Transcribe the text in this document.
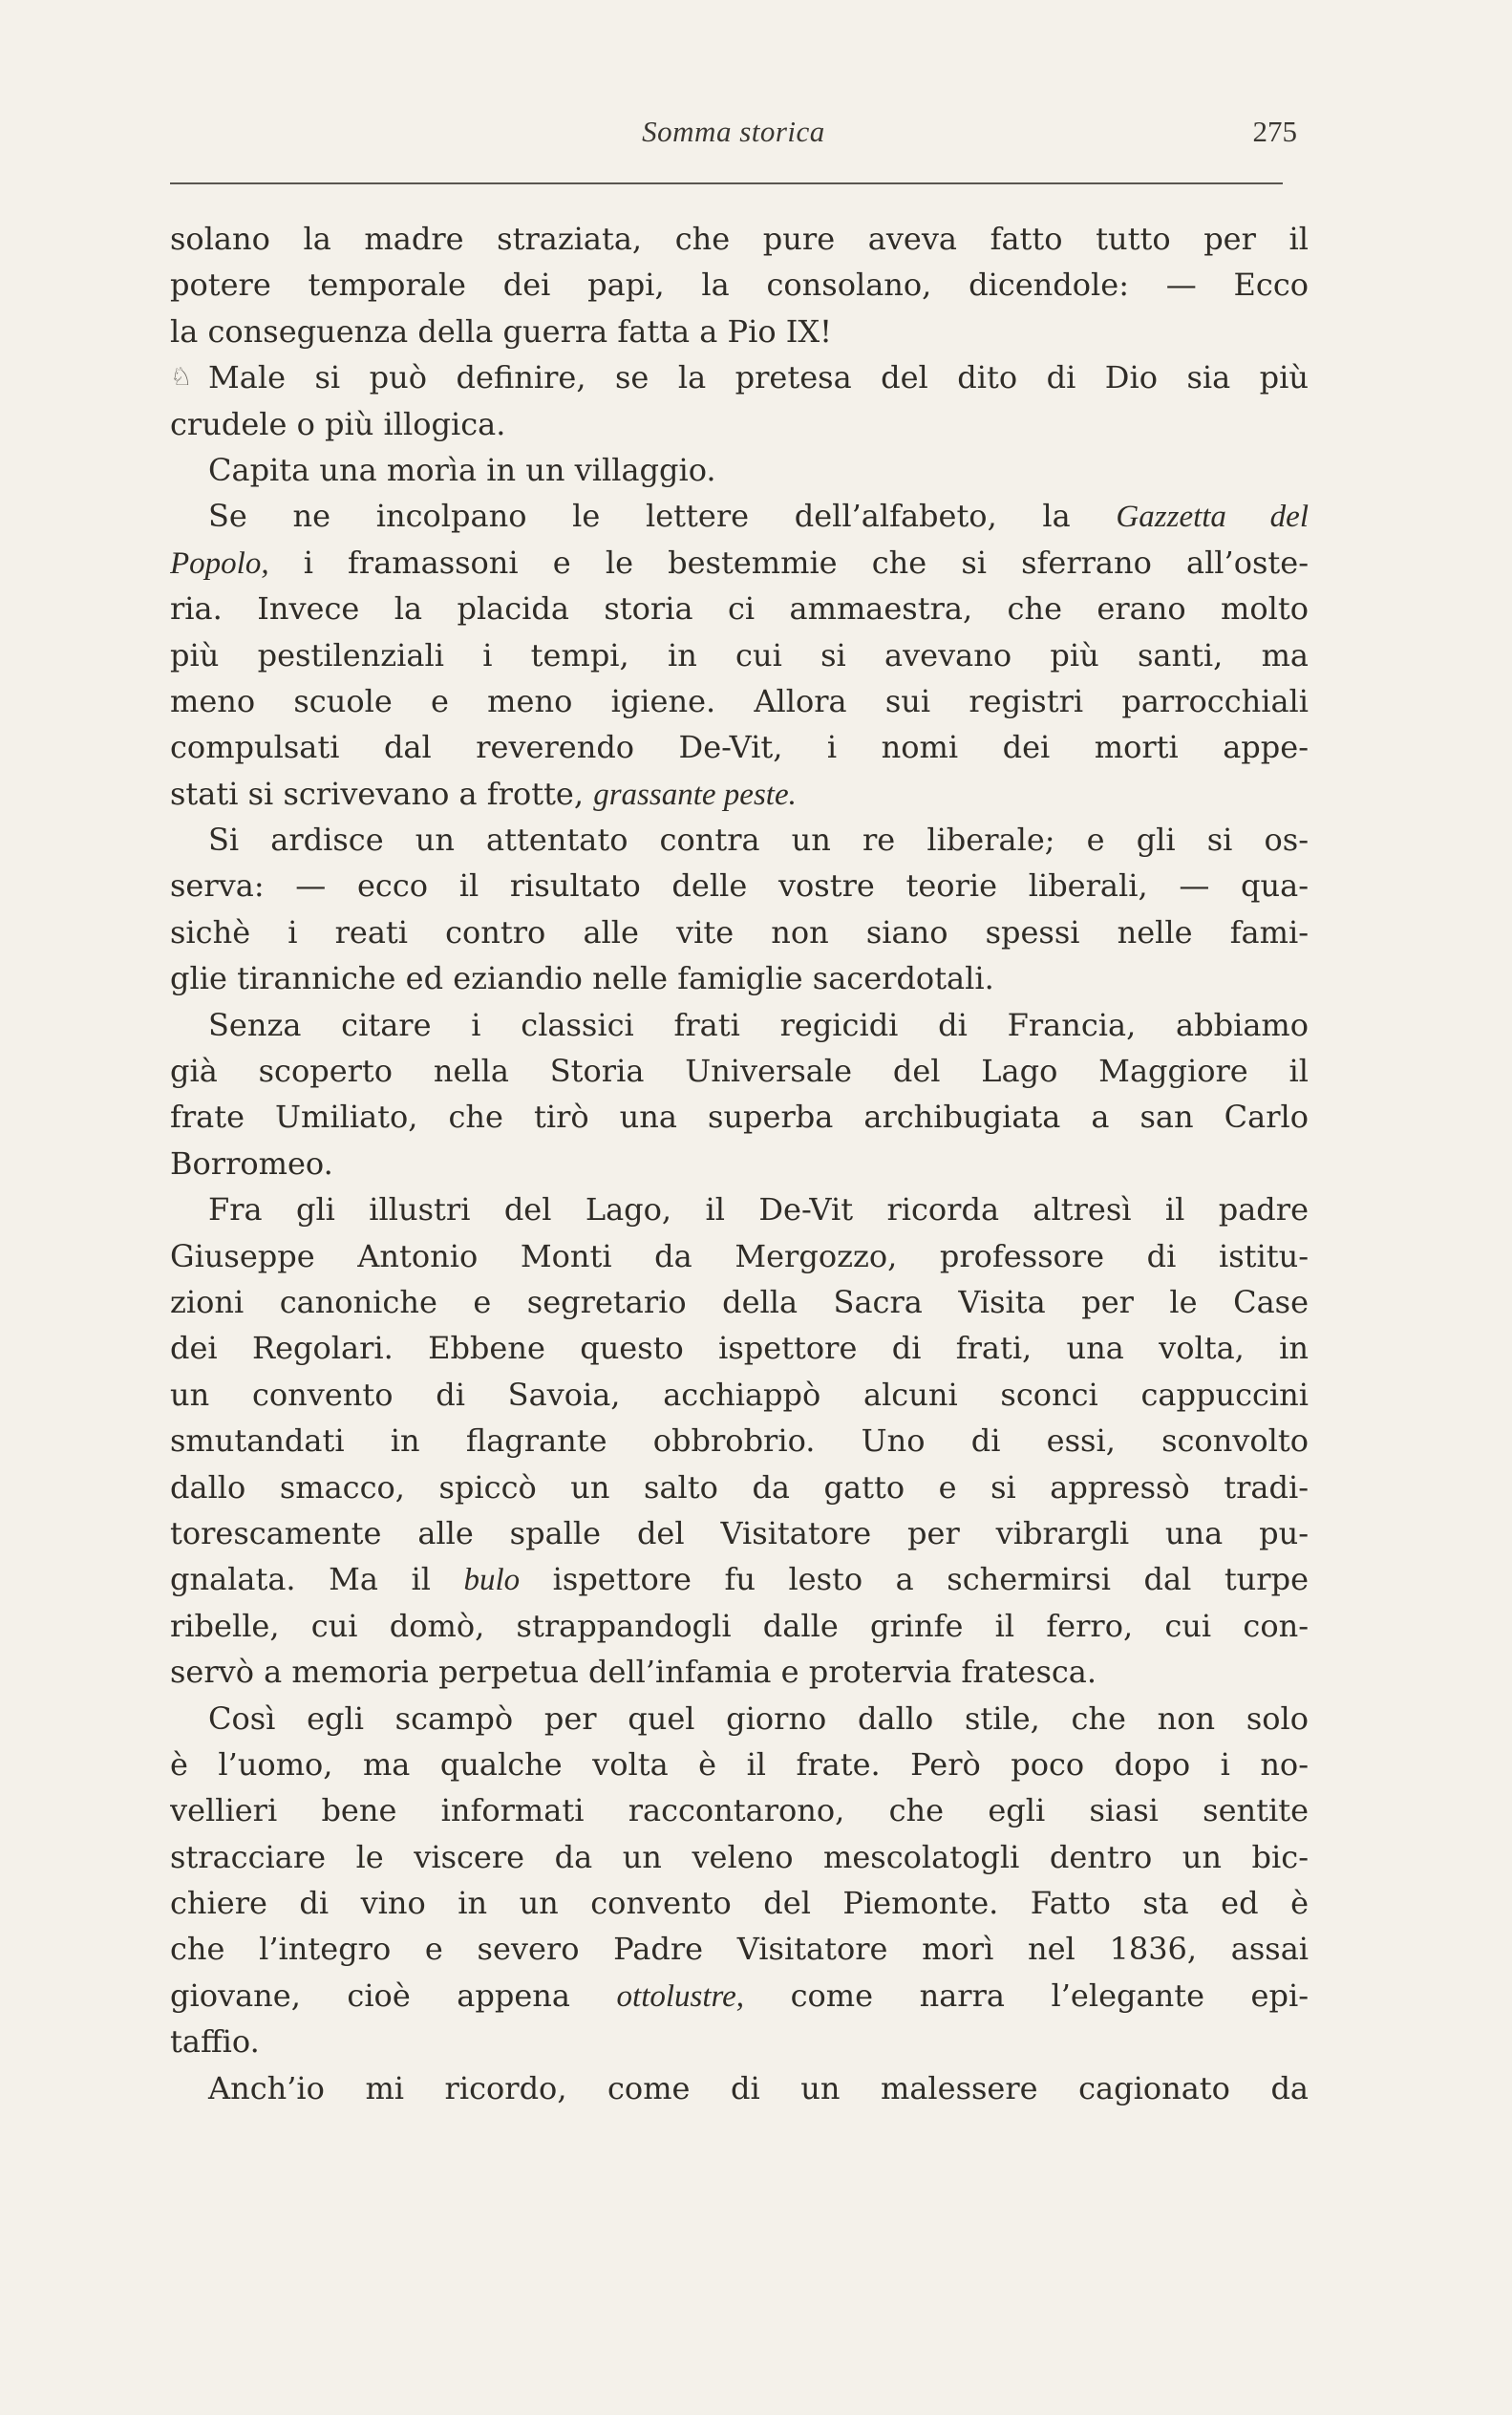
Somma storica	275
solano la madre straziata, che pure aveva fatto tutto per il
potere temporale dei papi, la consolano, dicendole: — Ecco
la conseguenza della guerra fatta a Pio IX!
♘ Male si può definire, se la pretesa del dito di Dio sia più
crudele o più illogica.
Capita una morìa in un villaggio.
Se ne incolpano le lettere dell’alfabeto, la Gazzetta del
Popolo, i framassoni e le bestemmie che si sferrano all’oste-
ria. Invece la placida storia ci ammaestra, che erano molto
più pestilenziali i tempi, in cui si avevano più santi, ma
meno scuole e meno igiene. Allora sui registri parrocchiali
compulsati dal reverendo De-Vit, i nomi dei morti appe-
stati si scrivevano a frotte, grassante peste.
Si ardisce un attentato contra un re liberale; e gli si os-
serva: — ecco il risultato delle vostre teorie liberali, — qua-
sichè i reati contro alle vite non siano spessi nelle fami-
glie tiranniche ed eziandio nelle famiglie sacerdotali.
Senza citare i classici frati regicidi di Francia, abbiamo
già scoperto nella Storia Universale del Lago Maggiore il
frate Umiliato, che tirò una superba archibugiata a san Carlo
Borromeo.
Fra gli illustri del Lago, il De-Vit ricorda altresì il padre
Giuseppe Antonio Monti da Mergozzo, professore di istitu-
zioni canoniche e segretario della Sacra Visita per le Case
dei Regolari. Ebbene questo ispettore di frati, una volta, in
un convento di Savoia, acchiappò alcuni sconci cappuccini
smutandati in flagrante obbrobrio. Uno di essi, sconvolto
dallo smacco, spiccò un salto da gatto e si appressò tradi-
torescamente alle spalle del Visitatore per vibrargli una pu-
gnalata. Ma il bulo ispettore fu lesto a schermirsi dal turpe
ribelle, cui domò, strappandogli dalle grinfe il ferro, cui con-
servò a memoria perpetua dell’infamia e protervia fratesca.
Così egli scampò per quel giorno dallo stile, che non solo
è l’uomo, ma qualche volta è il frate. Però poco dopo i no-
vellieri bene informati raccontarono, che egli siasi sentite
stracciare le viscere da un veleno mescolatogli dentro un bic-
chiere di vino in un convento del Piemonte. Fatto sta ed è
che l’integro e severo Padre Visitatore morì nel 1836, assai
giovane, cioè appena ottolustre, come narra l’elegante epi-
taffio.
Anch’io mi ricordo, come di un malessere cagionato da
